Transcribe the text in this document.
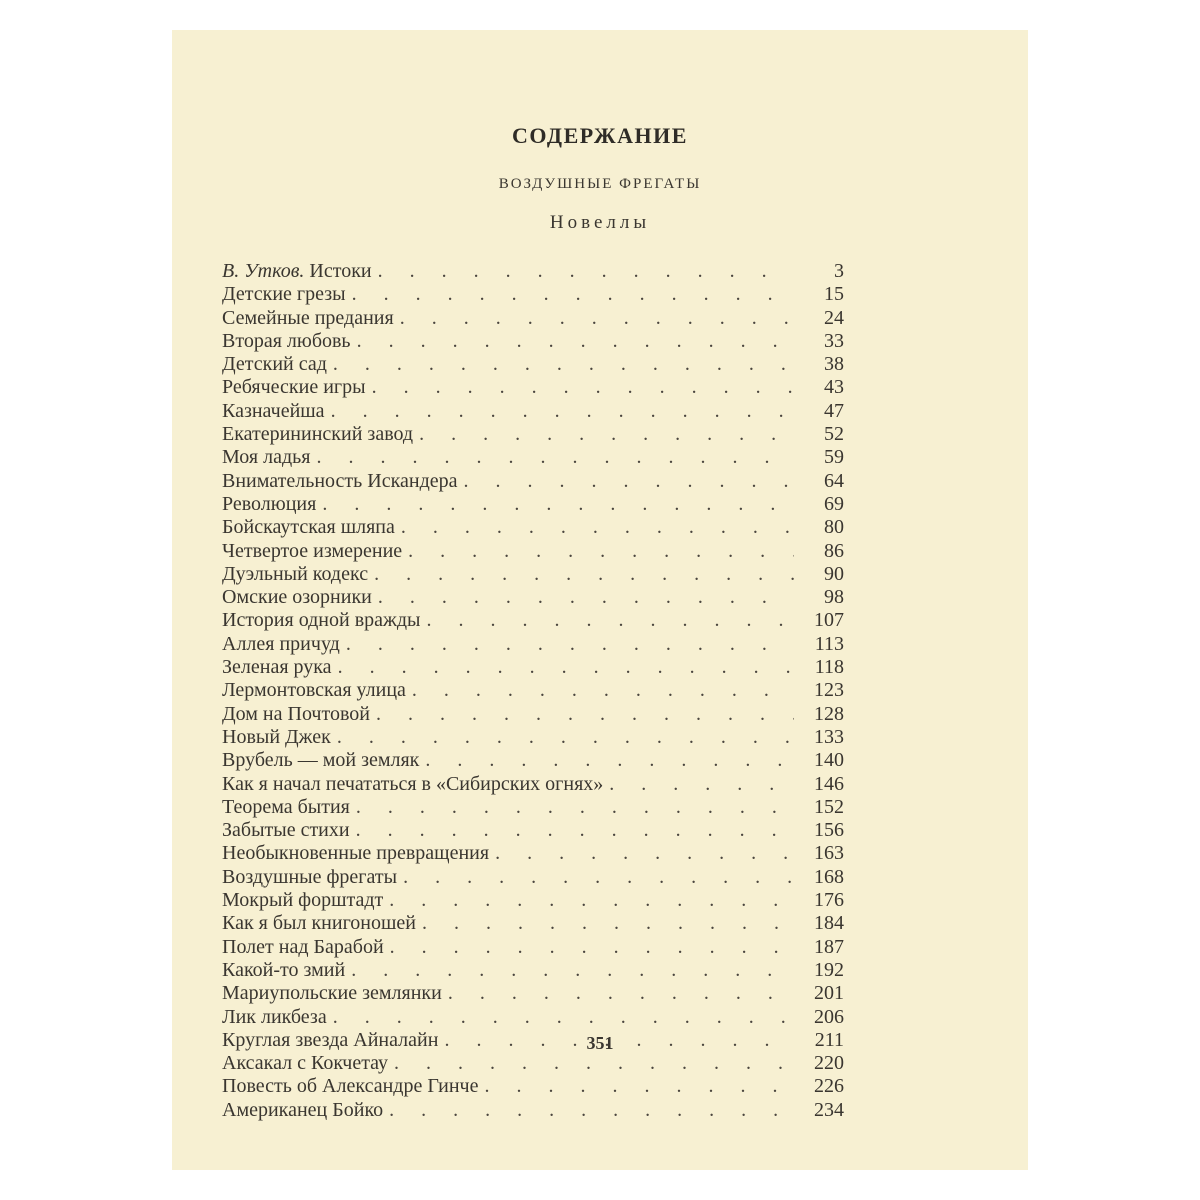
СОДЕРЖАНИЕ
ВОЗДУШНЫЕ ФРЕГАТЫ
Новеллы
В. Утков. Истоки . . .	3
Детские грезы . . .	15
Семейные предания . . .	24
Вторая любовь . . .	33
Детский сад . . .	38
Ребяческие игры . . .	43
Казначейша . . .	47
Екатерининский завод . . .	52
Моя ладья . . .	59
Внимательность Искандера . . .	64
Революция . . .	69
Бойскаутская шляпа . . .	80
Четвертое измерение . . .	86
Дуэльный кодекс . . .	90
Омские озорники . . .	98
История одной вражды . . .	107
Аллея причуд . . .	113
Зеленая рука . . .	118
Лермонтовская улица . . .	123
Дом на Почтовой . . .	128
Новый Джек . . .	133
Врубель — мой земляк . . .	140
Как я начал печататься в «Сибирских огнях» . . .	146
Теорема бытия . . .	152
Забытые стихи . . .	156
Необыкновенные превращения . . .	163
Воздушные фрегаты . . .	168
Мокрый форштадт . . .	176
Как я был книгоношей . . .	184
Полет над Барабой . . .	187
Какой-то змий . . .	192
Мариупольские землянки . . .	201
Лик ликбеза . . .	206
Круглая звезда Айналайн . . .	211
Аксакал с Кокчетау . . .	220
Повесть об Александре Гинче . . .	226
Американец Бойко . . .	234
351
